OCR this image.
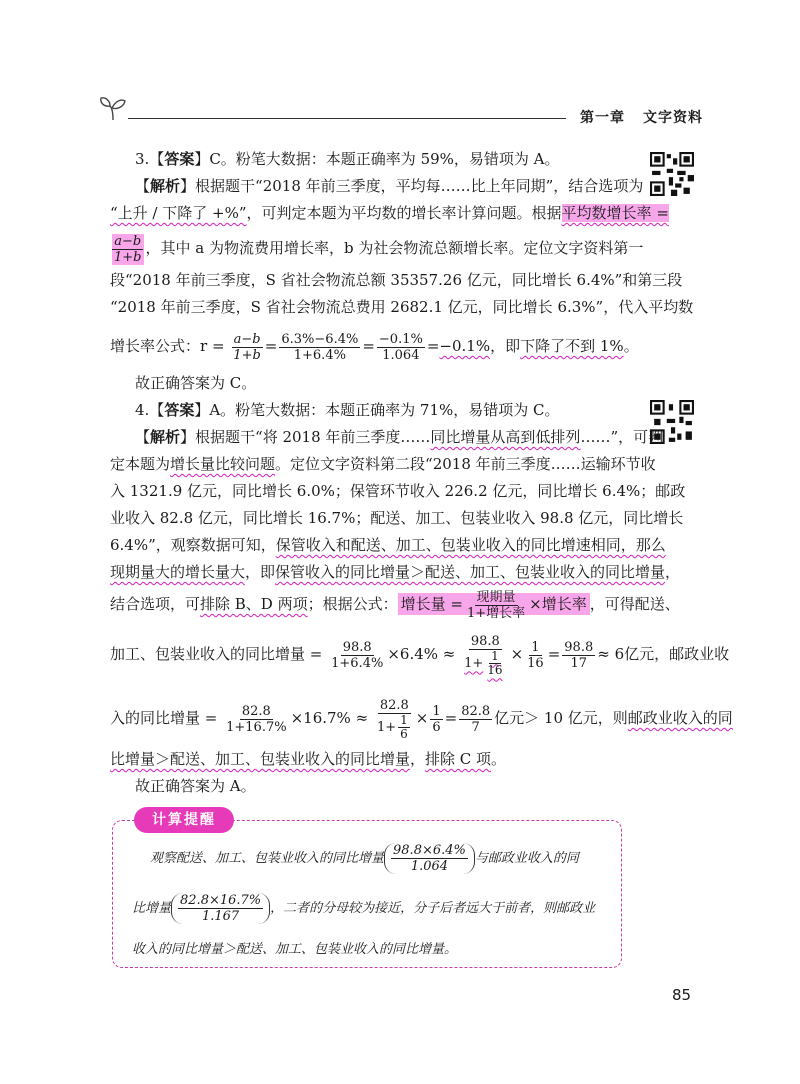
第一章 文字资料
3.【答案】C。粉笔大数据：本题正确率为 59%，易错项为 A。
【解析】根据题干“2018 年前三季度，平均每……比上年同期”，结合选项为
“上升 / 下降了 +%”，可判定本题为平均数的增长率计算问题。根据平均数增长率 =
$\frac{a-b}{1+b}$ ，其中 a 为物流费用增长率，b 为社会物流总额增长率。定位文字资料第一
段“2018 年前三季度，S 省社会物流总额 35357.26 亿元，同比增长 6.4%”和第三段
“2018 年前三季度，S 省社会物流总费用 2682.1 亿元，同比增长 6.3%”，代入平均数
增长率公式：$r = \frac{a-b}{1+b} = \frac{6.3\%-6.4\%}{1+6.4\%} = \frac{-0.1\%}{1.064} =-0.1\%$，即下降了不到 1%。
故正确答案为 C。
4.【答案】A。粉笔大数据：本题正确率为 71%，易错项为 C。
【解析】根据题干“将 2018 年前三季度……同比增量从高到低排列……”，可判
定本题为增长量比较问题。定位文字资料第二段“2018 年前三季度……运输环节收
入 1321.9 亿元，同比增长 6.0%；保管环节收入 226.2 亿元，同比增长 6.4%；邮政
业收入 82.8 亿元，同比增长 16.7%；配送、加工、包装业收入 98.8 亿元，同比增长
6.4%”，观察数据可知，保管收入和配送、加工、包装业收入的同比增速相同，那么
现期量大的增长量大，即保管收入的同比增量＞配送、加工、包装业收入的同比增量，
结合选项，可排除 B、D 两项；根据公式： 增长量 = $\frac{\text{现期量}}{\text{1+增长率}}$ ×增长率 ，可得配送、
加工、包装业收入的同比增量 = $\frac{98.8}{1+6.4\%} \times 6.4\% \approx \frac{98.8}{1+ \frac{1}{16}} \times \frac{1}{16} = \frac{98.8}{17} \approx 6$亿元，邮政业收
入的同比增量 = $\frac{82.8}{1+16.7\%} \times 16.7\% \approx \frac{82.8}{1+ \frac{1}{6}} \times \frac{1}{6} = \frac{82.8}{7}$ 亿元＞ 10 亿元，则邮政业收入的同
比增量＞配送、加工、包装业收入的同比增量，排除 C 项。
故正确答案为 A。
计算提醒
观察配送、加工、包装业收入的同比增量 $\frac{98.8\times 6.4\%}{1.064}$ 与邮政业收入的同
比增量 $\frac{82.8\times 16.7\%}{1.167}$ ，二者的分母较为接近，分子后者远大于前者，则邮政业
收入的同比增量＞配送、加工、包装业收入的同比增量。
85
